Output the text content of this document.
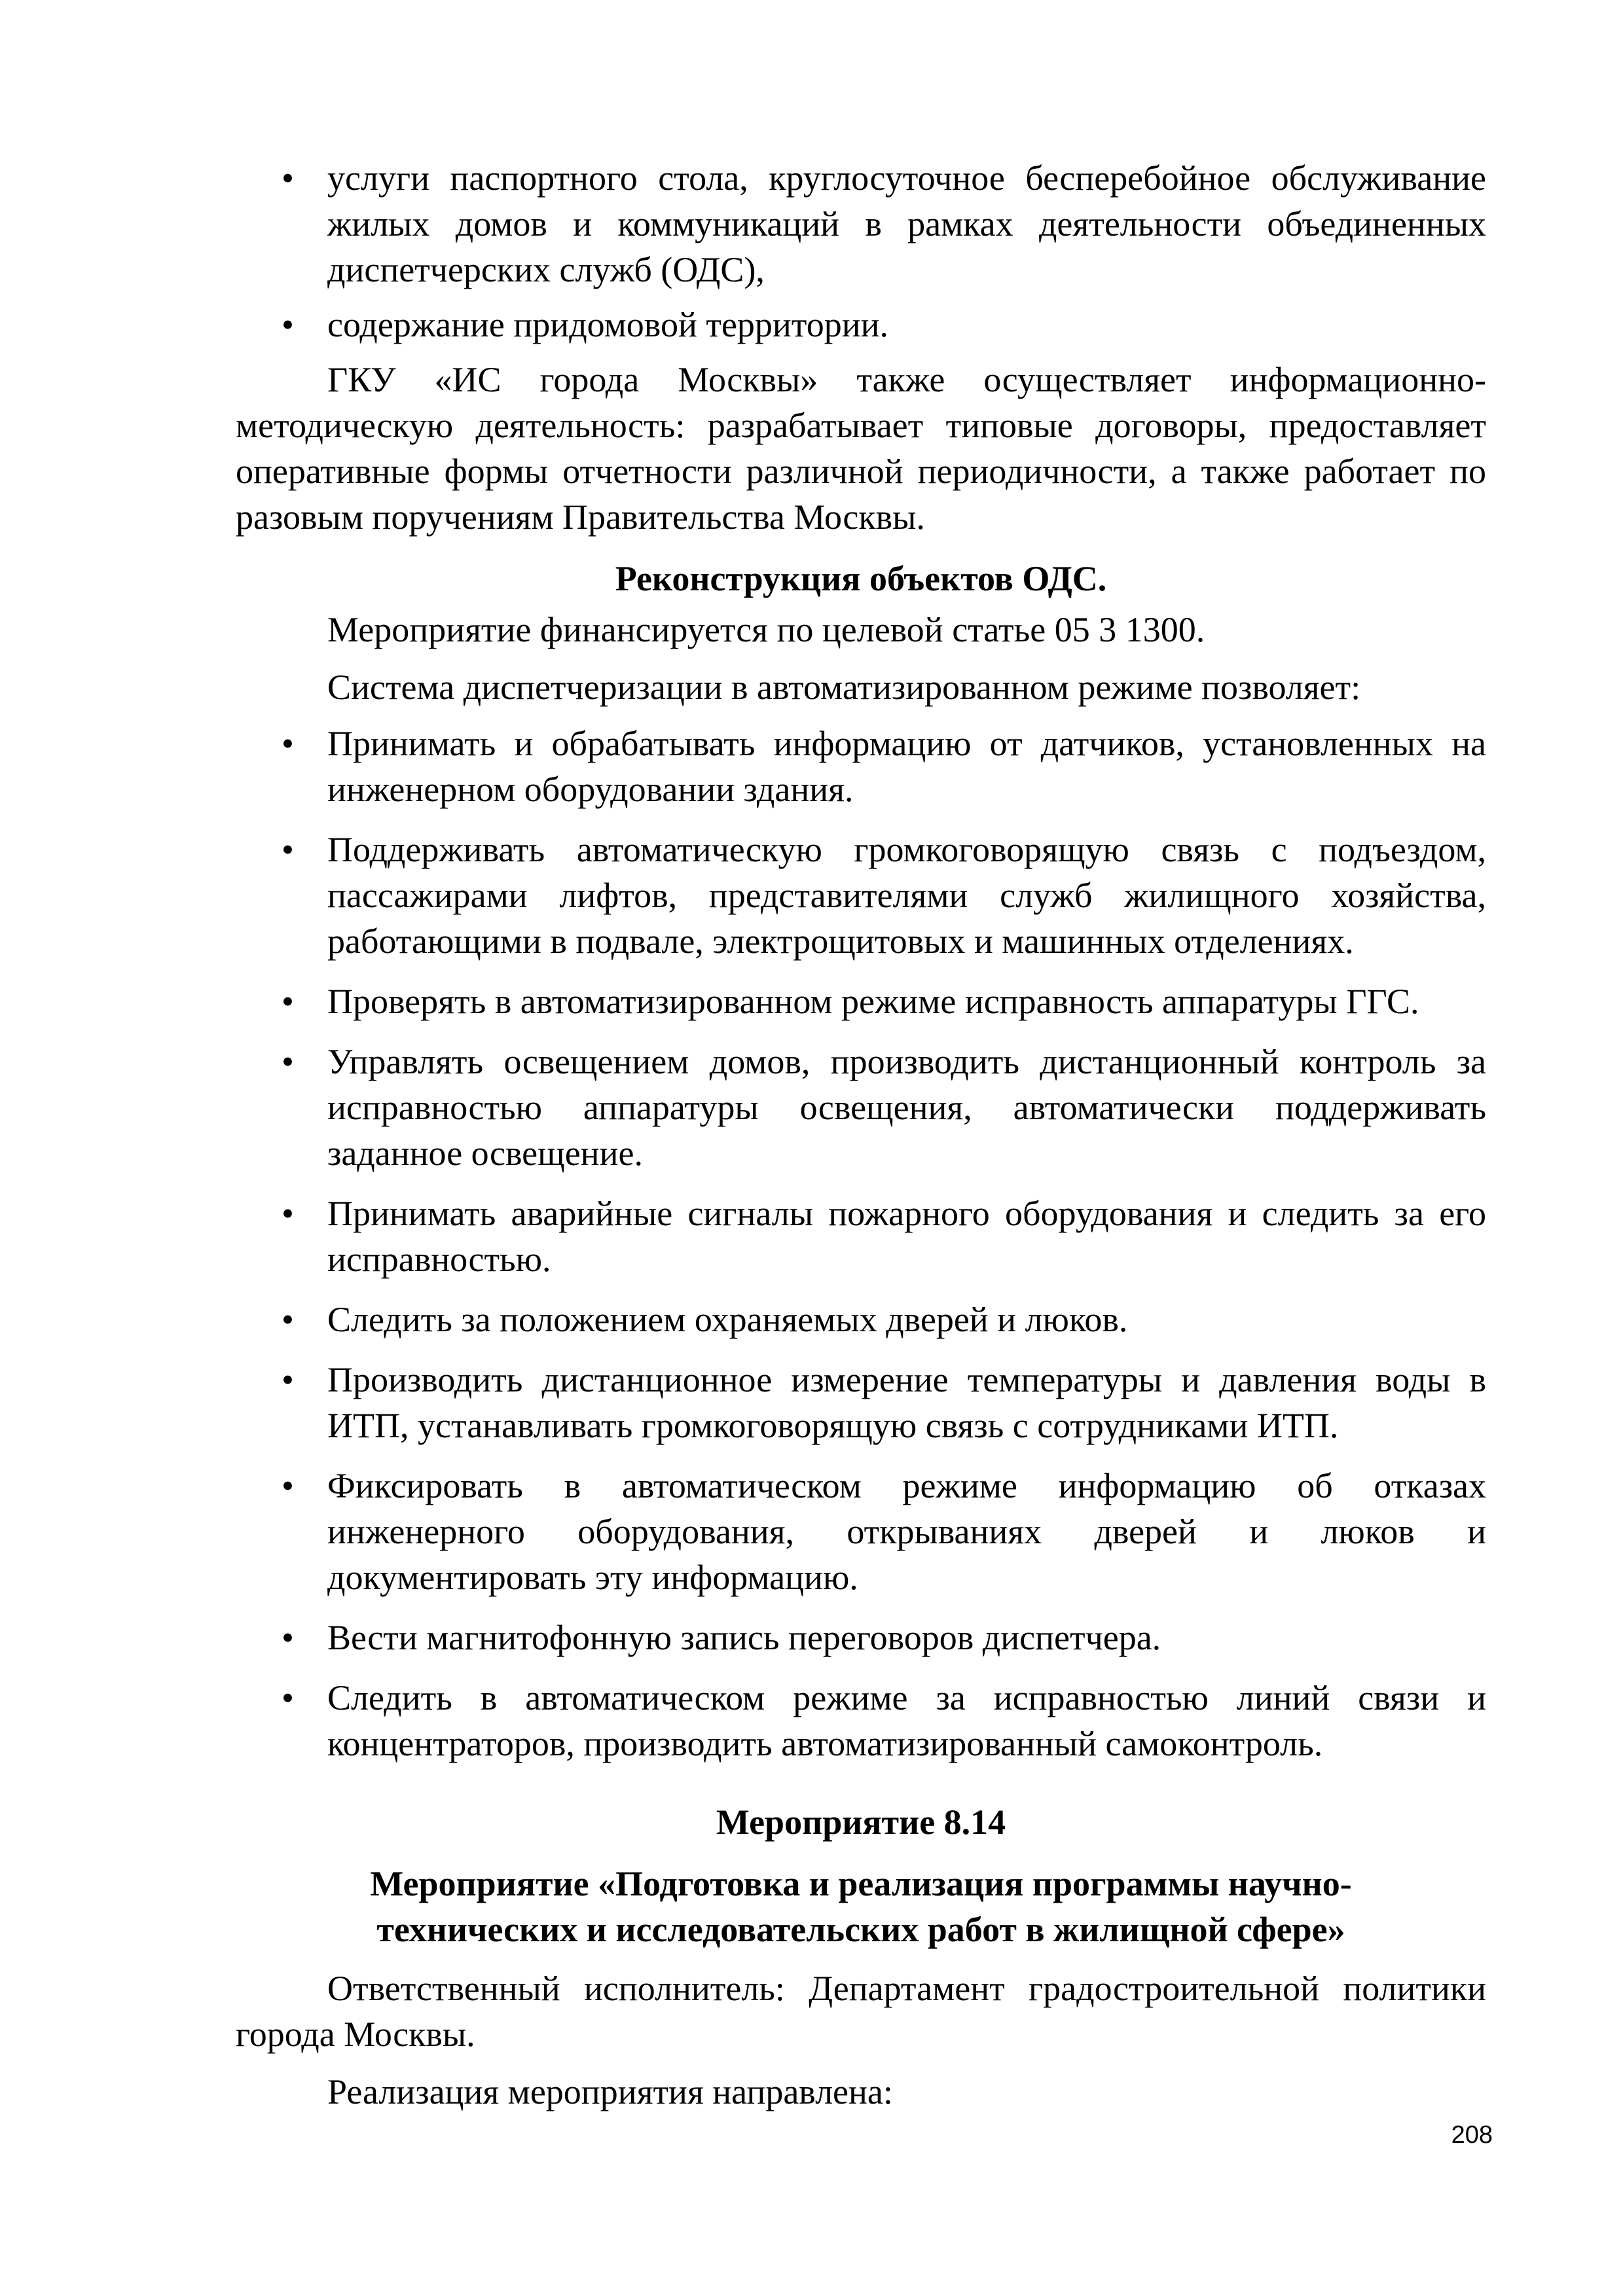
• услуги паспортного стола, круглосуточное бесперебойное обслуживание жилых домов и коммуникаций в рамках деятельности объединенных диспетчерских служб (ОДС),
• содержание придомовой территории.

ГКУ «ИС города Москвы» также осуществляет информационно-методическую деятельность: разрабатывает типовые договоры, предоставляет оперативные формы отчетности различной периодичности, а также работает по разовым поручениям Правительства Москвы.

Реконструкция объектов ОДС.

Мероприятие финансируется по целевой статье 05 3 1300.

Система диспетчеризации в автоматизированном режиме позволяет:

• Принимать и обрабатывать информацию от датчиков, установленных на инженерном оборудовании здания.
• Поддерживать автоматическую громкоговорящую связь с подъездом, пассажирами лифтов, представителями служб жилищного хозяйства, работающими в подвале, электрощитовых и машинных отделениях.
• Проверять в автоматизированном режиме исправность аппаратуры ГГС.
• Управлять освещением домов, производить дистанционный контроль за исправностью аппаратуры освещения, автоматически поддерживать заданное освещение.
• Принимать аварийные сигналы пожарного оборудования и следить за его исправностью.
• Следить за положением охраняемых дверей и люков.
• Производить дистанционное измерение температуры и давления воды в ИТП, устанавливать громкоговорящую связь с сотрудниками ИТП.
• Фиксировать в автоматическом режиме информацию об отказах инженерного оборудования, открываниях дверей и люков и документировать эту информацию.
• Вести магнитофонную запись переговоров диспетчера.
• Следить в автоматическом режиме за исправностью линий связи и концентраторов, производить автоматизированный самоконтроль.

Мероприятие 8.14

Мероприятие «Подготовка и реализация программы научно-
технических и исследовательских работ в жилищной сфере»

Ответственный исполнитель: Департамент градостроительной политики города Москвы.

Реализация мероприятия направлена:

208
